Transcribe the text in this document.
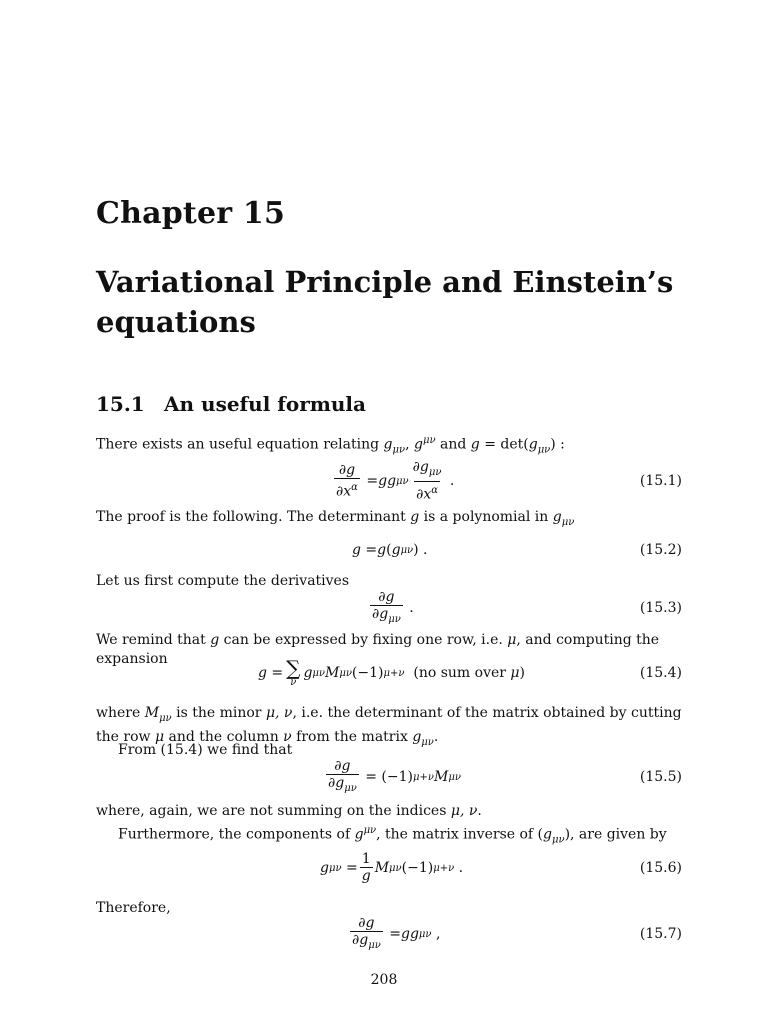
Chapter 15
Variational Principle and Einstein’s equations
15.1 An useful formula
There exists an useful equation relating $g_{\mu\nu}$, $g^{\mu\nu}$ and $g = \det(g_{\mu\nu})$ :
$\frac{\partial g}{\partial x^\alpha}$ = gg μν $\frac{\partial g_{\mu\nu}}{\partial x^\alpha}$ .	(15.1)
The proof is the following. The determinant g is a polynomial in $g_{\mu\nu}$
g = g ( g μν ) .	(15.2)
Let us first compute the derivatives
$\frac{\partial g}{\partial g_{\mu\nu}}$ .	(15.3)
We remind that g can be expressed by fixing one row, i.e. μ, and computing the expansion
g = ∑
ν
g μν M μν (−1) μ+ν
(no sum over
μ )	(15.4)
where $M_{\mu\nu}$ is the minor μ, ν, i.e. the determinant of the matrix obtained by cutting the row μ and the column ν from the matrix $g_{\mu\nu}$.
From (15.4) we find that
$\frac{\partial g}{\partial g_{\mu\nu}} = (-1)$ μ+ν M μν	(15.5)
where, again, we are not summing on the indices μ, ν.
Furthermore, the components of $g^{\mu\nu}$, the matrix inverse of $(g_{\mu\nu})$, are given by
g $\mu\nu = \frac{1}{g}$ M μν (−1) μ+ν .	(15.6)
Therefore,
$\frac{\partial g}{\partial g_{\mu\nu}}$ = gg μν ,	(15.7)
208
